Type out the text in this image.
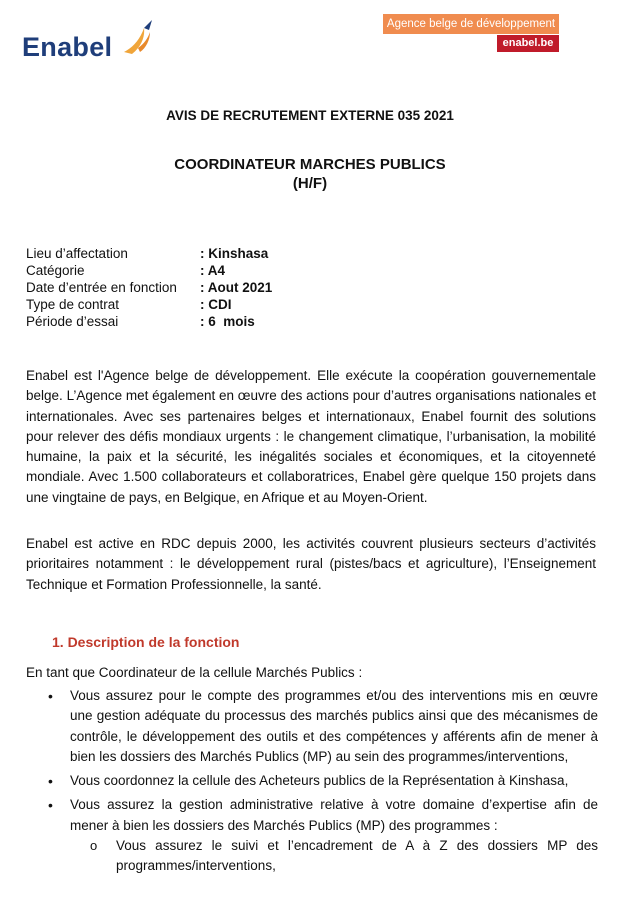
Enabel
Agence belge de développement
enabel.be
AVIS DE RECRUTEMENT EXTERNE 035 2021
COORDINATEUR MARCHES PUBLICS
(H/F)
Lieu d’affectation	: Kinshasa
Catégorie	: A4
Date d’entrée en fonction	: Aout 2021
Type de contrat	: CDI
Période d’essai	: 6  mois

Enabel est l'Agence belge de développement. Elle exécute la coopération gouvernementale belge. L’Agence met également en œuvre des actions pour d’autres organisations nationales et internationales. Avec ses partenaires belges et internationaux, Enabel fournit des solutions pour relever des défis mondiaux urgents : le changement climatique, l’urbanisation, la mobilité humaine, la paix et la sécurité, les inégalités sociales et économiques, et la citoyenneté mondiale. Avec 1.500 collaborateurs et collaboratrices, Enabel gère quelque 150 projets dans une vingtaine de pays, en Belgique, en Afrique et au Moyen-Orient.

Enabel est active en RDC depuis 2000, les activités couvrent plusieurs secteurs d’activités prioritaires notamment : le développement rural (pistes/bacs et agriculture), l’Enseignement Technique et Formation Professionnelle, la santé.

1. Description de la fonction
En tant que Coordinateur de la cellule Marchés Publics :
• Vous assurez pour le compte des programmes et/ou des interventions mis en œuvre une gestion adéquate du processus des marchés publics ainsi que des mécanismes de contrôle, le développement des outils et des compétences y afférents afin de mener à bien les dossiers des Marchés Publics (MP) au sein des programmes/interventions,
• Vous coordonnez la cellule des Acheteurs publics de la Représentation à Kinshasa,
• Vous assurez la gestion administrative relative à votre domaine d’expertise afin de mener à bien les dossiers des Marchés Publics (MP) des programmes :
o Vous assurez le suivi et l’encadrement de A à Z des dossiers MP des programmes/interventions,
